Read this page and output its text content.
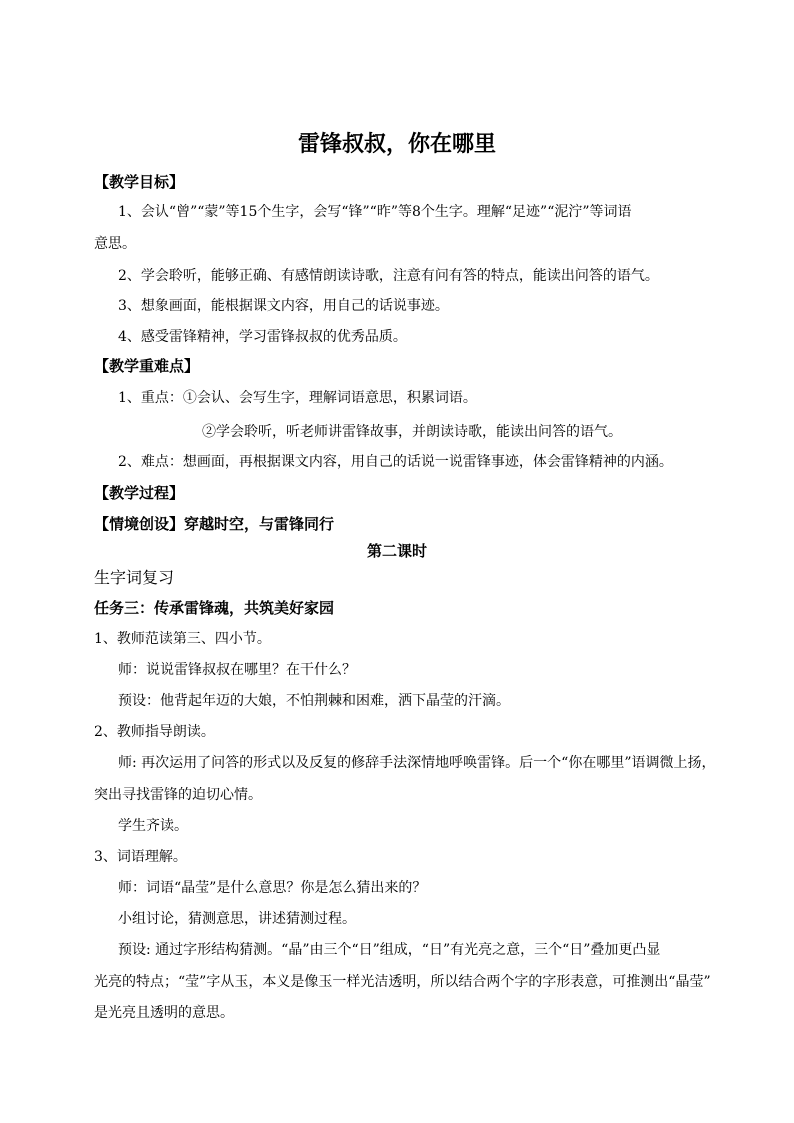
雷锋叔叔，你在哪里
【教学目标】
1、会认“曾”“蒙”等15个生字，会写“锋”“昨”等8个生字。理解“足迹”“泥泞”等词语
意思。
2、学会聆听，能够正确、有感情朗读诗歌，注意有问有答的特点，能读出问答的语气。
3、想象画面，能根据课文内容，用自己的话说事迹。
4、感受雷锋精神，学习雷锋叔叔的优秀品质。
【教学重难点】
1、重点：①会认、会写生字，理解词语意思，积累词语。
②学会聆听，听老师讲雷锋故事，并朗读诗歌，能读出问答的语气。
2、难点：想画面，再根据课文内容，用自己的话说一说雷锋事迹，体会雷锋精神的内涵。
【教学过程】
【情境创设】穿越时空，与雷锋同行
第二课时
生字词复习
任务三：传承雷锋魂，共筑美好家园
1、教师范读第三、四小节。
师：说说雷锋叔叔在哪里？在干什么？
预设：他背起年迈的大娘，不怕荆棘和困难，洒下晶莹的汗滴。
2、教师指导朗读。
师: 再次运用了问答的形式以及反复的修辞手法深情地呼唤雷锋。后一个“你在哪里”语调微上扬，
突出寻找雷锋的迫切心情。
学生齐读。
3、词语理解。
师：词语“晶莹”是什么意思？你是怎么猜出来的？
小组讨论，猜测意思，讲述猜测过程。
预设: 通过字形结构猜测。“晶”由三个“日”组成，“日”有光亮之意，三个“日”叠加更凸显
光亮的特点；“莹”字从玉，本义是像玉一样光洁透明，所以结合两个字的字形表意，可推测出“晶莹”
是光亮且透明的意思。
